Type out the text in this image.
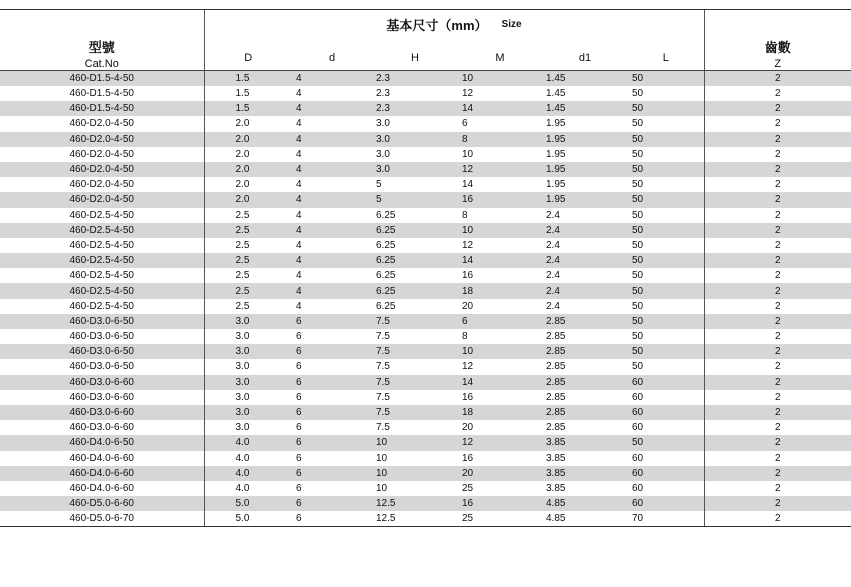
型號
Cat.No	$^{基本尺寸(mm)}$ $^{Size}$						齒數
Z

	D	d	H	M	d1	L	
460-D1.5-4-50	1.5	4	2.3	10	1.45	50	2
460-D1.5-4-50	1.5	4	2.3	12	1.45	50	2
460-D1.5-4-50	1.5	4	2.3	14	1.45	50	2
460-D2.0-4-50	2.0	4	3.0	6	1.95	50	2
460-D2.0-4-50	2.0	4	3.0	8	1.95	50	2
460-D2.0-4-50	2.0	4	3.0	10	1.95	50	2
460-D2.0-4-50	2.0	4	3.0	12	1.95	50	2
460-D2.0-4-50	2.0	4	5	14	1.95	50	2
460-D2.0-4-50	2.0	4	5	16	1.95	50	2
460-D2.5-4-50	2.5	4	6.25	8	2.4	50	2
460-D2.5-4-50	2.5	4	6.25	10	2.4	50	2
460-D2.5-4-50	2.5	4	6.25	12	2.4	50	2
460-D2.5-4-50	2.5	4	6.25	14	2.4	50	2
460-D2.5-4-50	2.5	4	6.25	16	2.4	50	2
460-D2.5-4-50	2.5	4	6.25	18	2.4	50	2
460-D2.5-4-50	2.5	4	6.25	20	2.4	50	2
460-D3.0-6-50	3.0	6	7.5	6	2.85	50	2
460-D3.0-6-50	3.0	6	7.5	8	2.85	50	2
460-D3.0-6-50	3.0	6	7.5	10	2.85	50	2
460-D3.0-6-50	3.0	6	7.5	12	2.85	50	2
460-D3.0-6-60	3.0	6	7.5	14	2.85	60	2
460-D3.0-6-60	3.0	6	7.5	16	2.85	60	2
460-D3.0-6-60	3.0	6	7.5	18	2.85	60	2
460-D3.0-6-60	3.0	6	7.5	20	2.85	60	2
460-D4.0-6-50	4.0	6	10	12	3.85	50	2
460-D4.0-6-60	4.0	6	10	16	3.85	60	2
460-D4.0-6-60	4.0	6	10	20	3.85	60	2
460-D4.0-6-60	4.0	6	10	25	3.85	60	2
460-D5.0-6-60	5.0	6	12.5	16	4.85	60	2
460-D5.0-6-70	5.0	6	12.5	25	4.85	70	2
